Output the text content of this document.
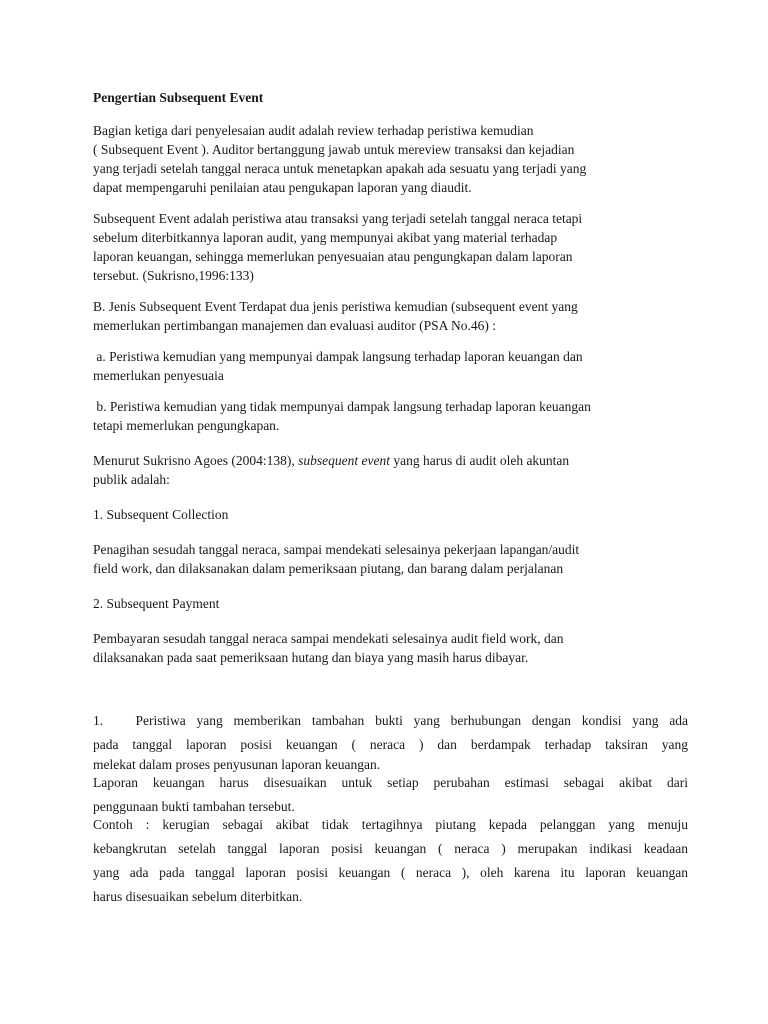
Pengertian Subsequent Event

Bagian ketiga dari penyelesaian audit adalah review terhadap peristiwa kemudian
( Subsequent Event ). Auditor bertanggung jawab untuk mereview transaksi dan kejadian
yang terjadi setelah tanggal neraca untuk menetapkan apakah ada sesuatu yang terjadi yang
dapat mempengaruhi penilaian atau pengukapan laporan yang diaudit.

Subsequent Event adalah peristiwa atau transaksi yang terjadi setelah tanggal neraca tetapi
sebelum diterbitkannya laporan audit, yang mempunyai akibat yang material terhadap
laporan keuangan, sehingga memerlukan penyesuaian atau pengungkapan dalam laporan
tersebut. (Sukrisno,1996:133)

B. Jenis Subsequent Event Terdapat dua jenis peristiwa kemudian (subsequent event yang
memerlukan pertimbangan manajemen dan evaluasi auditor (PSA No.46) :

a. Peristiwa kemudian yang mempunyai dampak langsung terhadap laporan keuangan dan
memerlukan penyesuaia

b. Peristiwa kemudian yang tidak mempunyai dampak langsung terhadap laporan keuangan
tetapi memerlukan pengungkapan.

Menurut Sukrisno Agoes (2004:138), subsequent event yang harus di audit oleh akuntan
publik adalah:

1. Subsequent Collection

Penagihan sesudah tanggal neraca, sampai mendekati selesainya pekerjaan lapangan/audit
field work, dan dilaksanakan dalam pemeriksaan piutang, dan barang dalam perjalanan

2. Subsequent Payment

Pembayaran sesudah tanggal neraca sampai mendekati selesainya audit field work, dan
dilaksanakan pada saat pemeriksaan hutang dan biaya yang masih harus dibayar.

1.   Peristiwa yang memberikan tambahan bukti yang berhubungan dengan kondisi yang ada
pada tanggal laporan posisi keuangan ( neraca ) dan berdampak terhadap taksiran yang
melekat dalam proses penyusunan laporan keuangan.
Laporan keuangan harus disesuaikan untuk setiap perubahan estimasi sebagai akibat dari
penggunaan bukti tambahan tersebut.
Contoh : kerugian sebagai akibat tidak tertagihnya piutang kepada pelanggan yang menuju
kebangkrutan setelah tanggal laporan posisi keuangan ( neraca ) merupakan indikasi keadaan
yang ada pada tanggal laporan posisi keuangan ( neraca ), oleh karena itu laporan keuangan
harus disesuaikan sebelum diterbitkan.
